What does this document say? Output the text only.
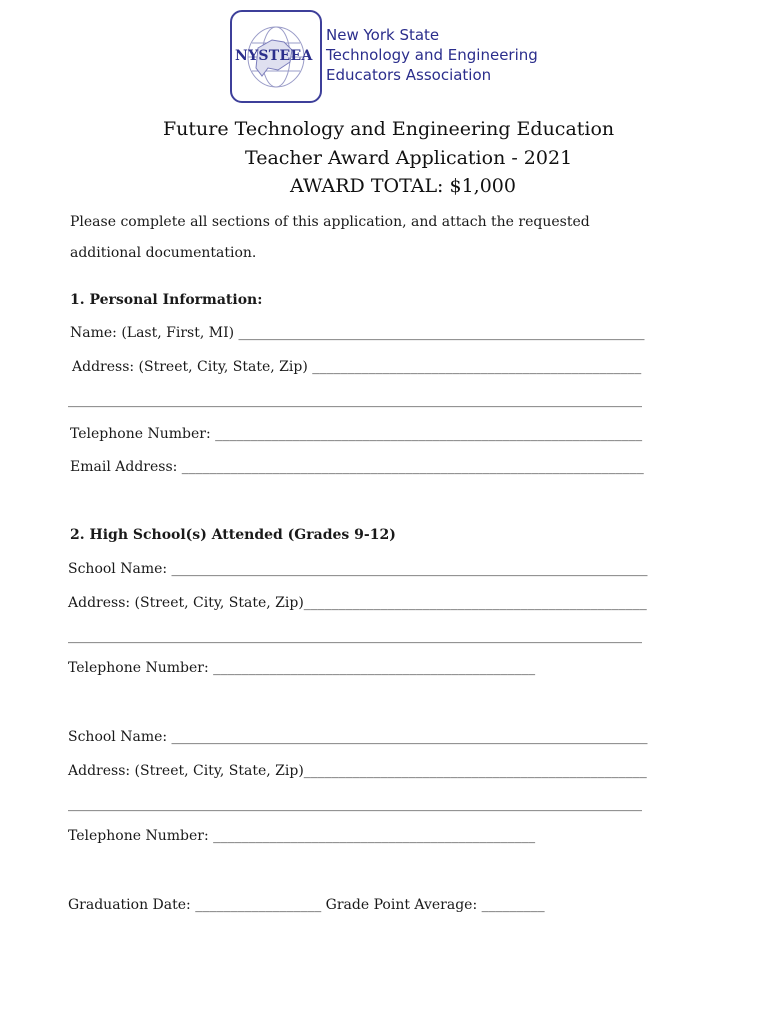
NYSTEEA
New York State
Technology and Engineering
Educators Association
Future Technology and Engineering Education
Teacher Award Application - 2021
AWARD TOTAL: $1,000
Please complete all sections of this application, and attach the requested
additional documentation.
1. Personal Information:
Name: (Last, First, MI) __________________________________________________________
Address: (Street, City, State, Zip) _______________________________________________
__________________________________________________________________________________
Telephone Number: _____________________________________________________________
Email Address: __________________________________________________________________
2. High School(s) Attended (Grades 9-12)
School Name: ____________________________________________________________________
Address: (Street, City, State, Zip)_________________________________________________
__________________________________________________________________________________
Telephone Number: ______________________________________________
School Name: ____________________________________________________________________
Address: (Street, City, State, Zip)_________________________________________________
__________________________________________________________________________________
Telephone Number: ______________________________________________
Graduation Date: __________________ Grade Point Average: _________
